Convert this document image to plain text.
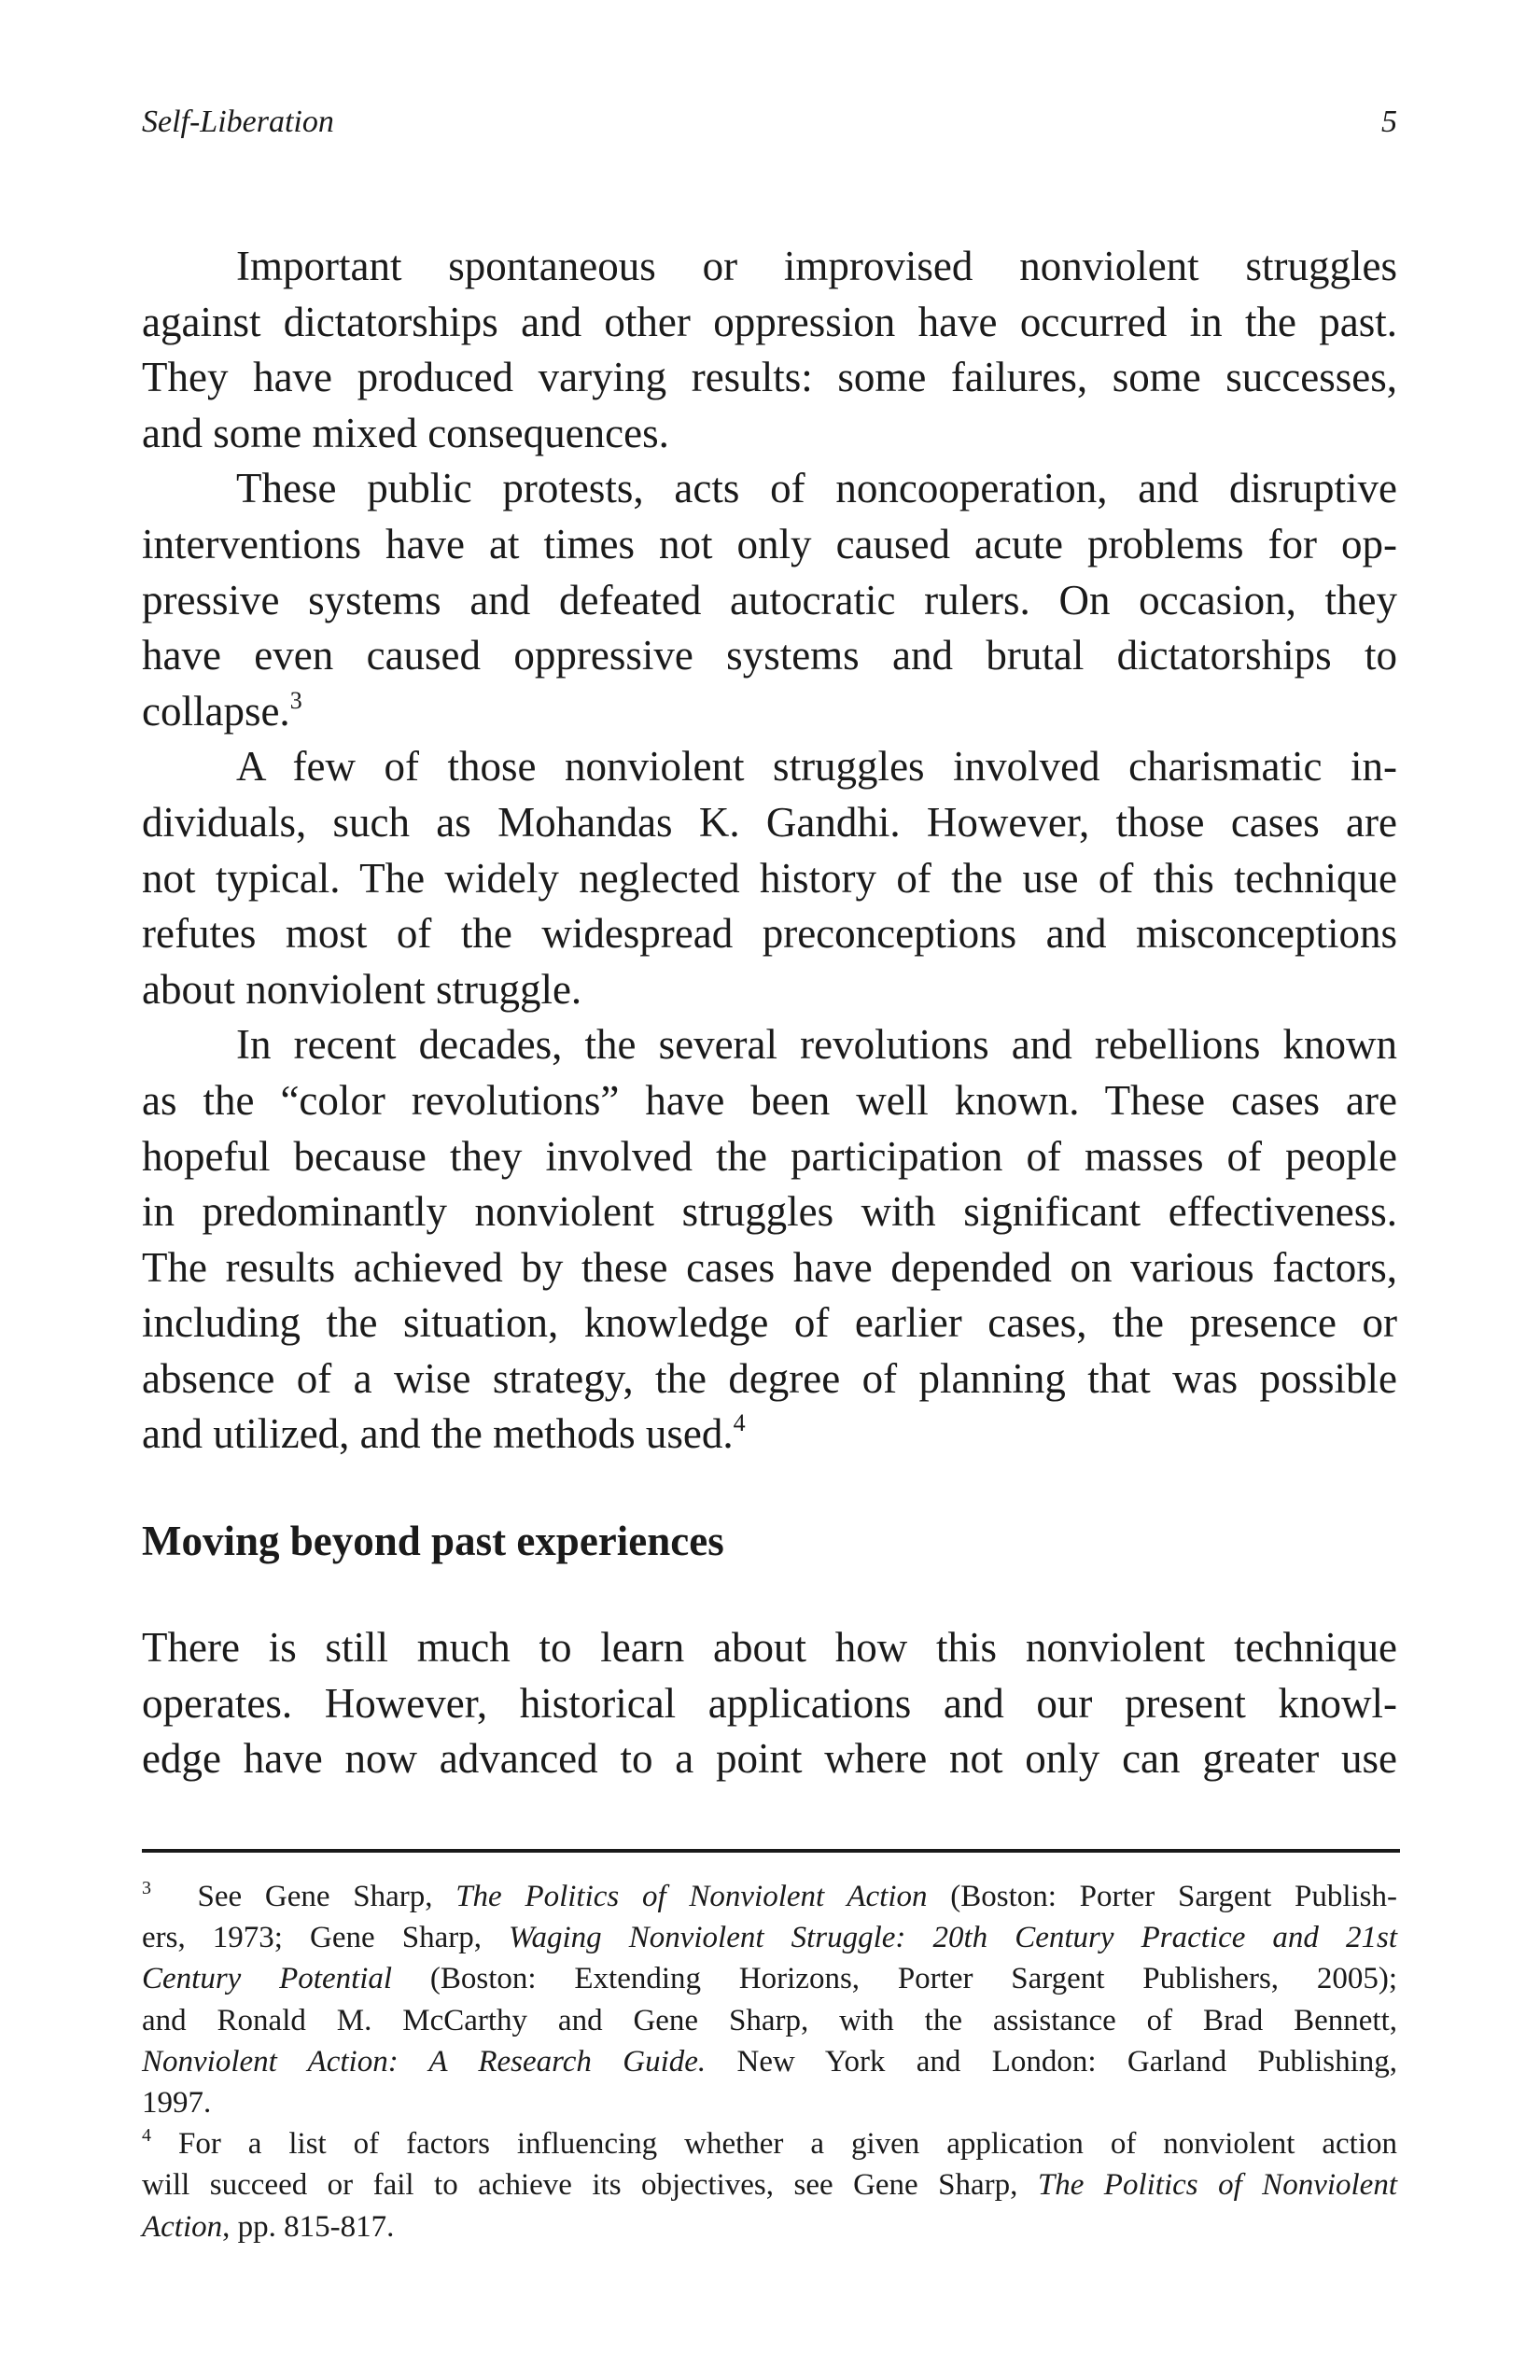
Self-Liberation	5
Important spontaneous or improvised nonviolent struggles
against dictatorships and other oppression have occurred in the past.
They have produced varying results: some failures, some successes,
and some mixed consequences.
These public protests, acts of noncooperation, and disruptive
interventions have at times not only caused acute problems for op-
pressive systems and defeated autocratic rulers. On occasion, they
have even caused oppressive systems and brutal dictatorships to
collapse.$^3$
A few of those nonviolent struggles involved charismatic in-
dividuals, such as Mohandas K. Gandhi. However, those cases are
not typical. The widely neglected history of the use of this technique
refutes most of the widespread preconceptions and misconceptions
about nonviolent struggle.
In recent decades, the several revolutions and rebellions known
as the “color revolutions” have been well known. These cases are
hopeful because they involved the participation of masses of people
in predominantly nonviolent struggles with significant effectiveness.
The results achieved by these cases have depended on various factors,
including the situation, knowledge of earlier cases, the presence or
absence of a wise strategy, the degree of planning that was possible
and utilized, and the methods used.$^4$
Moving beyond past experiences
There is still much to learn about how this nonviolent technique
operates. However, historical applications and our present knowl-
edge have now advanced to a point where not only can greater use
$^3$ See Gene Sharp, The Politics of Nonviolent Action (Boston: Porter Sargent Publish-
ers, 1973; Gene Sharp, Waging Nonviolent Struggle: 20th Century Practice and 21st
Century Potential (Boston: Extending Horizons, Porter Sargent Publishers, 2005);
and Ronald M. McCarthy and Gene Sharp, with the assistance of Brad Bennett,
Nonviolent Action: A Research Guide. New York and London: Garland Publishing,
1997.
$^4$ For a list of factors influencing whether a given application of nonviolent action
will succeed or fail to achieve its objectives, see Gene Sharp, The Politics of Nonviolent
Action, pp. 815-817.
